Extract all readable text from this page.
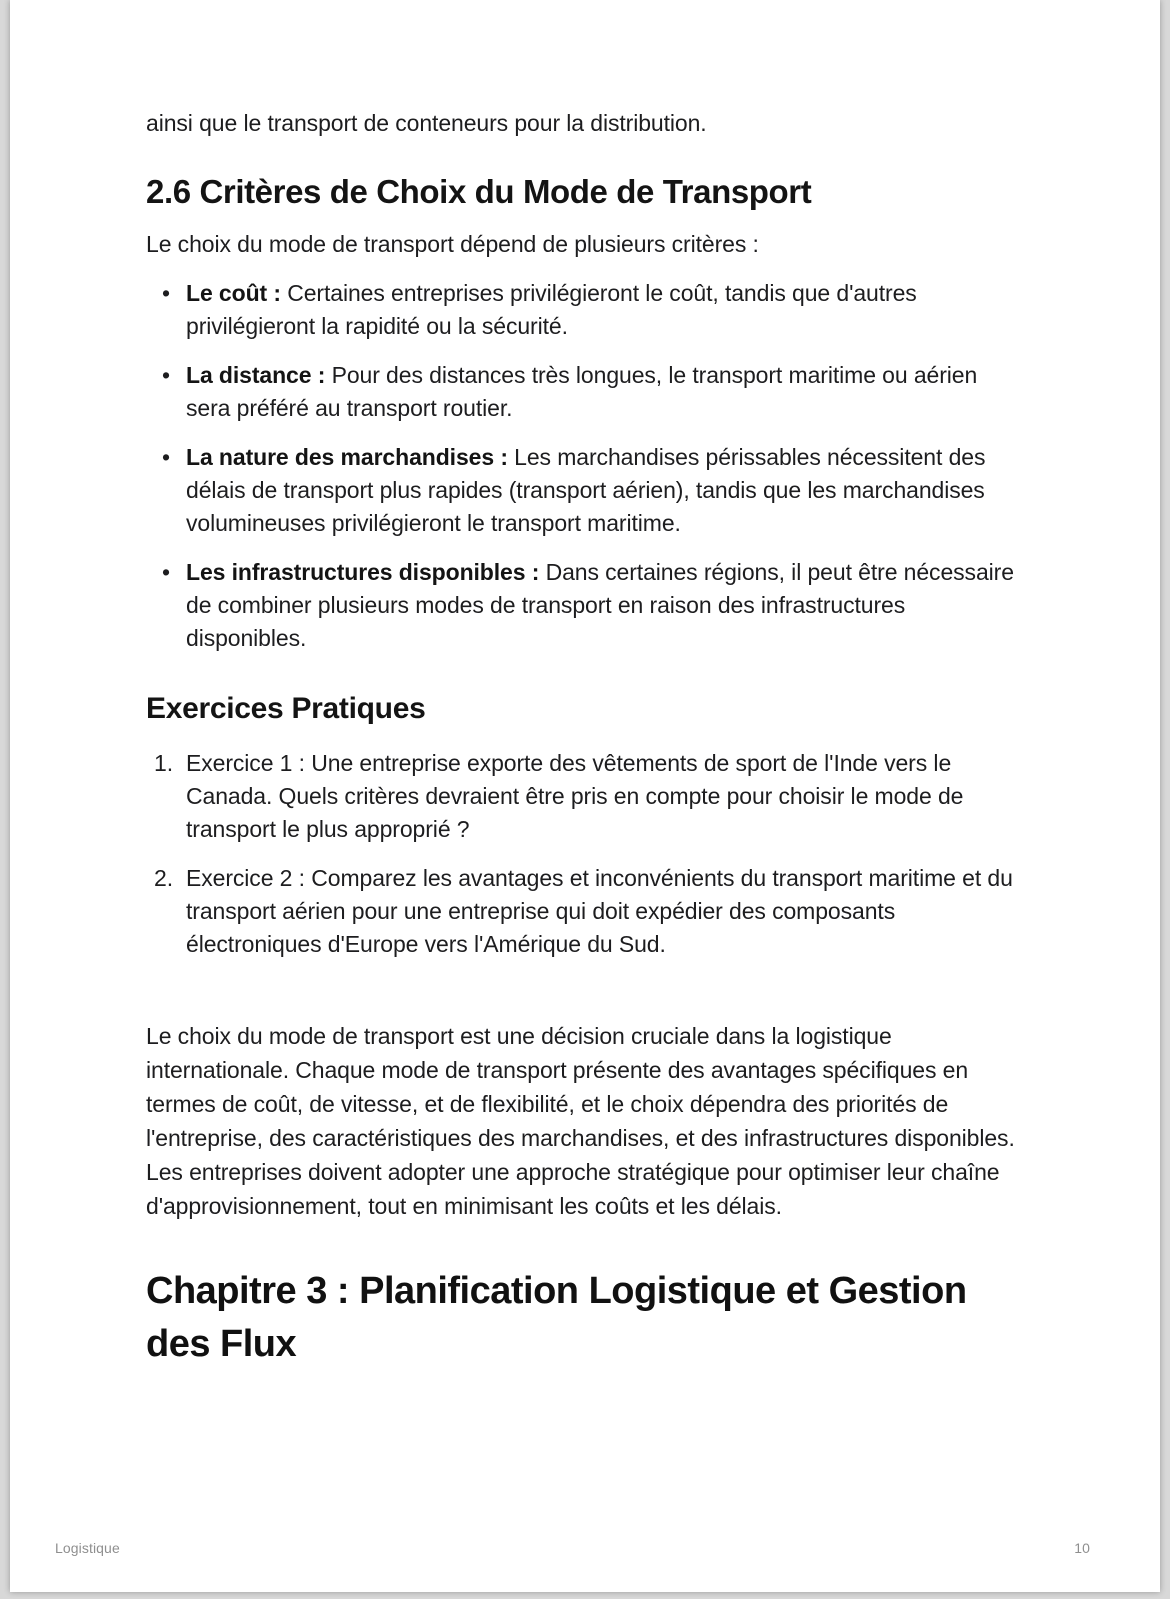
ainsi que le transport de conteneurs pour la distribution.

2.6 Critères de Choix du Mode de Transport

Le choix du mode de transport dépend de plusieurs critères :

• Le coût : Certaines entreprises privilégieront le coût, tandis que d'autres privilégieront la rapidité ou la sécurité.
• La distance : Pour des distances très longues, le transport maritime ou aérien sera préféré au transport routier.
• La nature des marchandises : Les marchandises périssables nécessitent des délais de transport plus rapides (transport aérien), tandis que les marchandises volumineuses privilégieront le transport maritime.
• Les infrastructures disponibles : Dans certaines régions, il peut être nécessaire de combiner plusieurs modes de transport en raison des infrastructures disponibles.
Exercices Pratiques
Exercice 1 : Une entreprise exporte des vêtements de sport de l'Inde vers le Canada. Quels critères devraient être pris en compte pour choisir le mode de transport le plus approprié ?
Exercice 2 : Comparez les avantages et inconvénients du transport maritime et du transport aérien pour une entreprise qui doit expédier des composants électroniques d'Europe vers l'Amérique du Sud.

Le choix du mode de transport est une décision cruciale dans la logistique internationale. Chaque mode de transport présente des avantages spécifiques en termes de coût, de vitesse, et de flexibilité, et le choix dépendra des priorités de l'entreprise, des caractéristiques des marchandises, et des infrastructures disponibles. Les entreprises doivent adopter une approche stratégique pour optimiser leur chaîne d'approvisionnement, tout en minimisant les coûts et les délais.

Chapitre 3 : Planification Logistique et Gestion des Flux
Logistique	10
